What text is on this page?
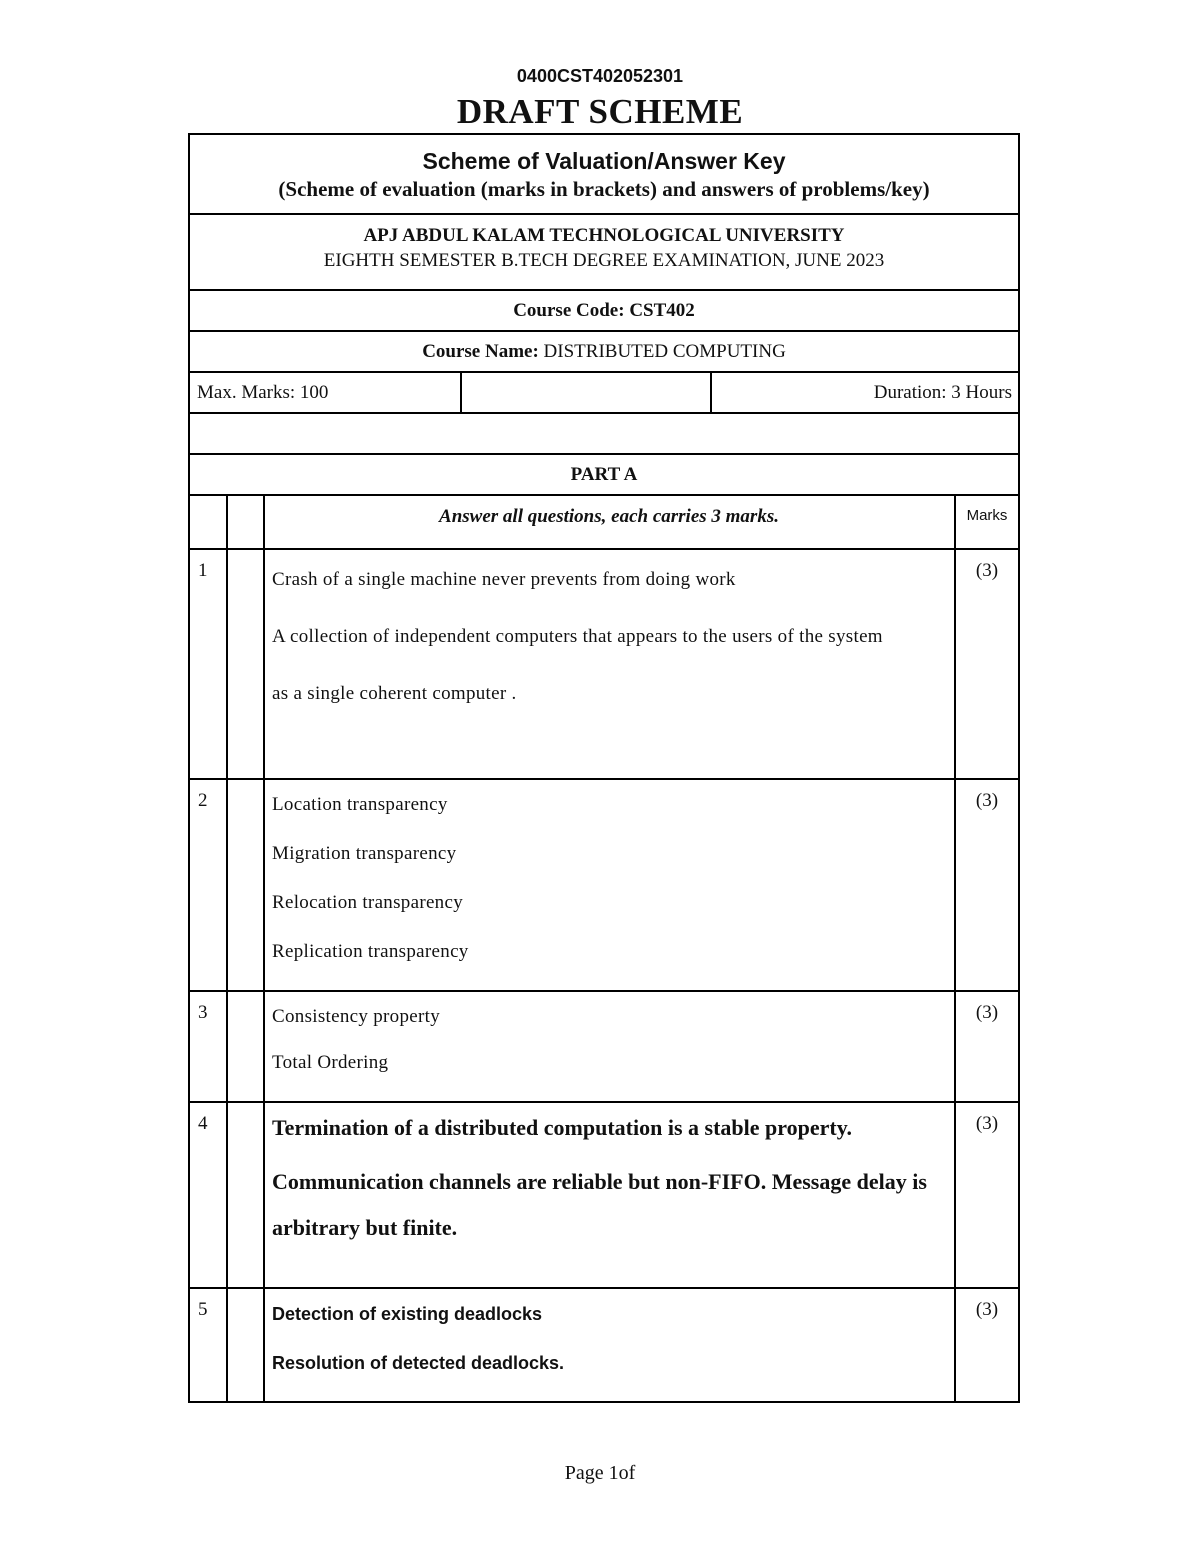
0400CST402052301
DRAFT SCHEME
Scheme of Valuation/Answer Key
(Scheme of evaluation (marks in brackets) and answers of problems/key)
APJ ABDUL KALAM TECHNOLOGICAL UNIVERSITY
EIGHTH SEMESTER B.TECH DEGREE EXAMINATION, JUNE 2023
Course Code: CST402
Course Name: DISTRIBUTED COMPUTING
Max. Marks: 100	Duration: 3 Hours
PART A
Answer all questions, each carries 3 marks.	Marks
1	Crash of a single machine never prevents from doing work

A collection of independent computers that appears to the users of the system

as a single coherent computer .

(3)
2	Location transparency

Migration transparency

Relocation transparency

Replication transparency

(3)
3	Consistency property

Total Ordering

(3)
4	Termination of a distributed computation is a stable property.

Communication channels are reliable but non-FIFO. Message delay is arbitrary but finite.

(3)
5	Detection of existing deadlocks

Resolution of detected deadlocks.

(3)
Page 1of
